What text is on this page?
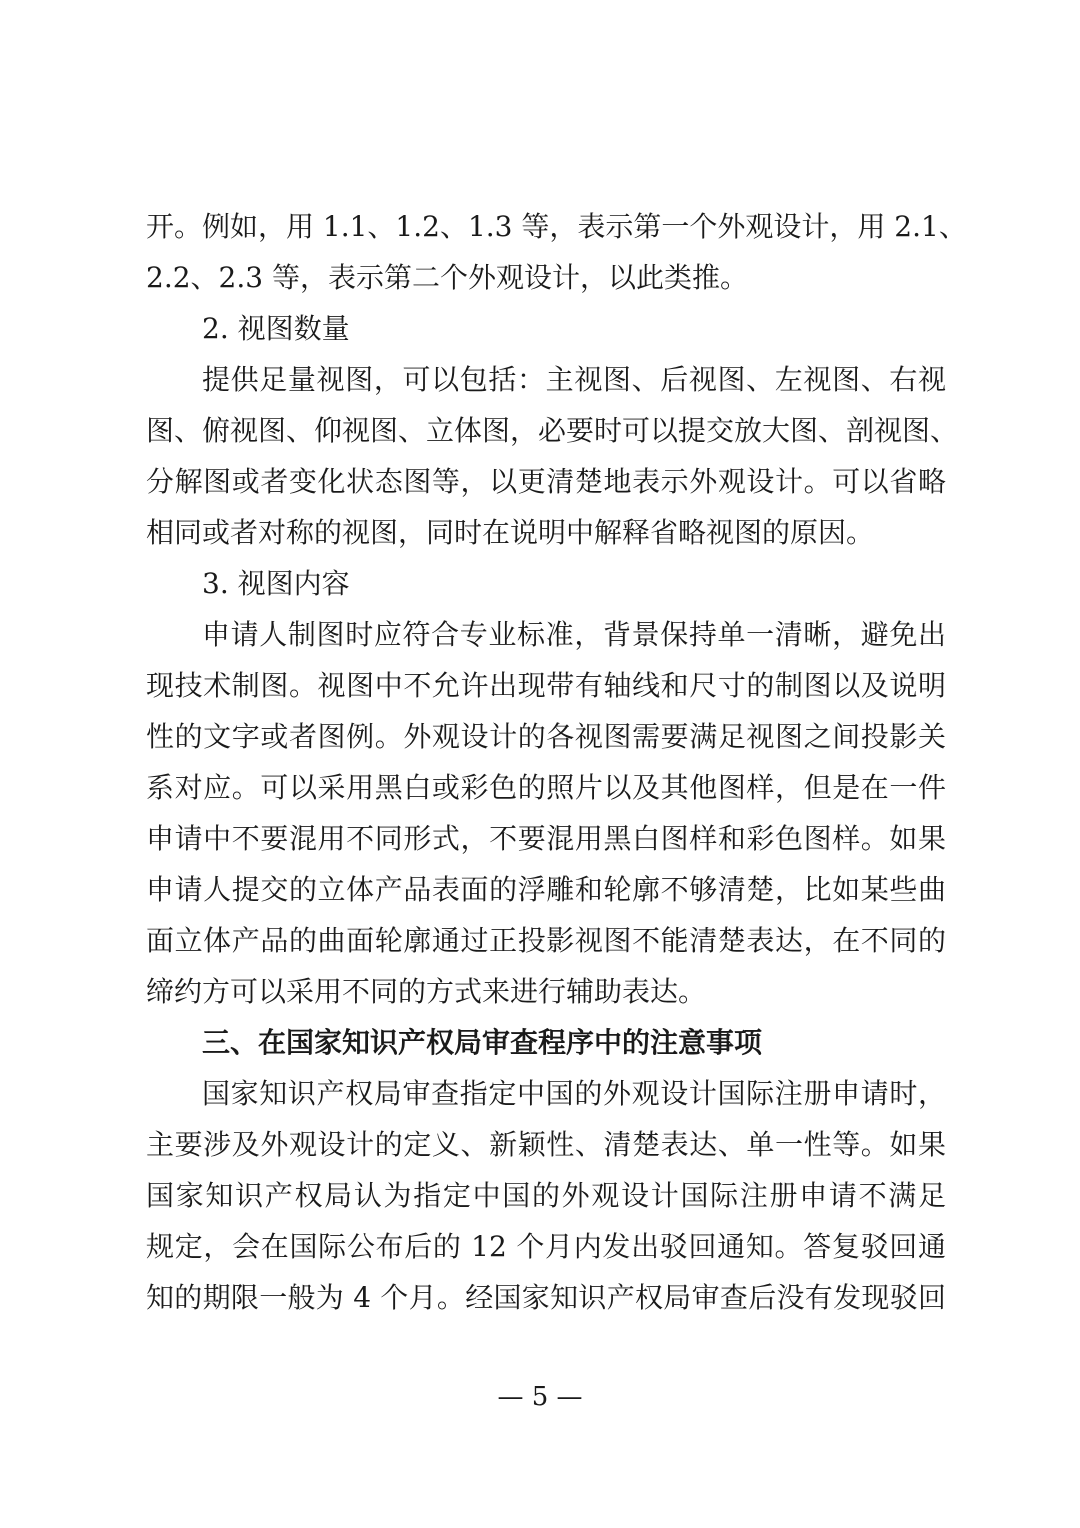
开。例如，用 1.1、1.2、1.3 等，表示第一个外观设计，用 2.1、
2.2、2.3 等，表示第二个外观设计，以此类推。
2. 视图数量
提供足量视图，可以包括：主视图、后视图、左视图、右视
图、俯视图、仰视图、立体图，必要时可以提交放大图、剖视图、
分解图或者变化状态图等，以更清楚地表示外观设计。可以省略
相同或者对称的视图，同时在说明中解释省略视图的原因。
3. 视图内容
申请人制图时应符合专业标准，背景保持单一清晰，避免出
现技术制图。视图中不允许出现带有轴线和尺寸的制图以及说明
性的文字或者图例。外观设计的各视图需要满足视图之间投影关
系对应。可以采用黑白或彩色的照片以及其他图样，但是在一件
申请中不要混用不同形式，不要混用黑白图样和彩色图样。如果
申请人提交的立体产品表面的浮雕和轮廓不够清楚，比如某些曲
面立体产品的曲面轮廓通过正投影视图不能清楚表达，在不同的
缔约方可以采用不同的方式来进行辅助表达。
三、在国家知识产权局审查程序中的注意事项
国家知识产权局审查指定中国的外观设计国际注册申请时，
主要涉及外观设计的定义、新颖性、清楚表达、单一性等。如果
国家知识产权局认为指定中国的外观设计国际注册申请不满足
规定，会在国际公布后的 12 个月内发出驳回通知。答复驳回通
知的期限一般为 4 个月。经国家知识产权局审查后没有发现驳回
— 5 —
